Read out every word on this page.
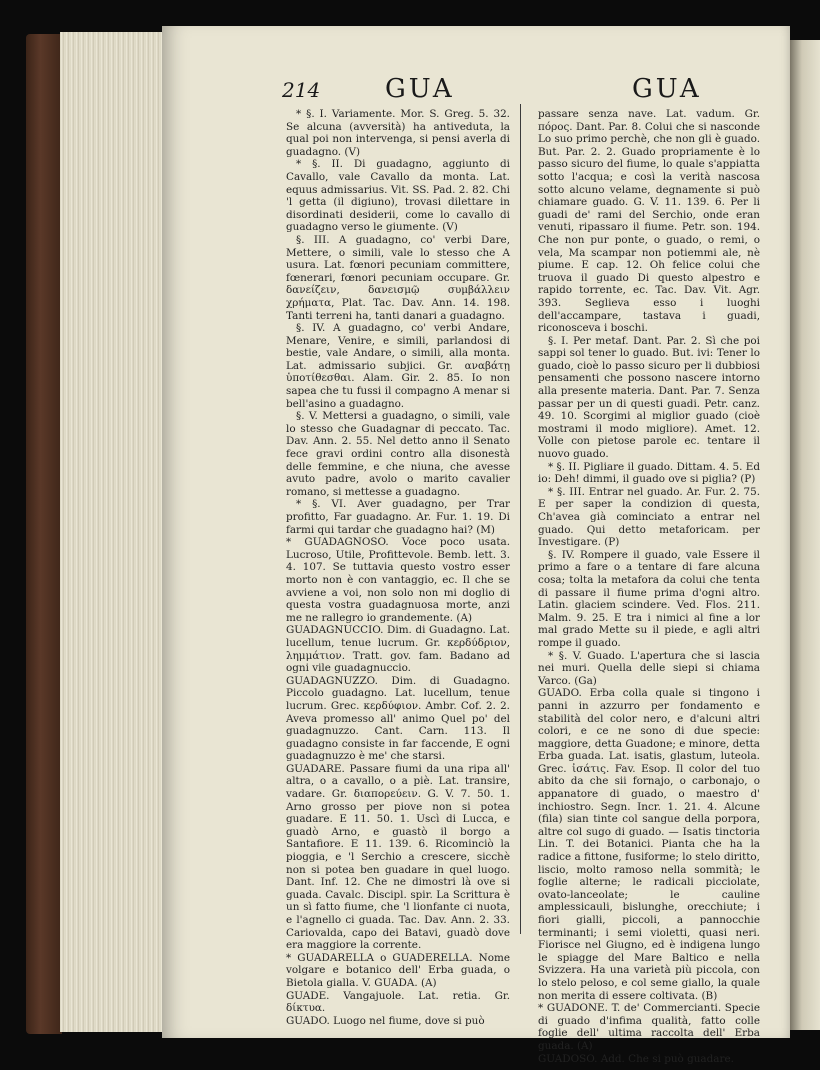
214 GUA	GUA

* §. I. Variamente. Mor. S. Greg. 5. 32. Se alcuna (avversità) ha antiveduta, la qual poi non intervenga, si pensi averla di guadagno. (V)

* §. II. Di guadagno, aggiunto di Cavallo, vale Cavallo da monta. Lat. equus admissarius. Vit. SS. Pad. 2. 82. Chi 'l getta (il digiuno), trovasi dilettare in disordinati desiderii, come lo cavallo di guadagno verso le giumente. (V)

§. III. A guadagno, co' verbi Dare, Mettere, o simili, vale lo stesso che A usura. Lat. fœnori pecuniam committere, fœnerari, fœnori pecuniam occupare. Gr. δανείζειν, δανεισμῷ συμβάλλειν χρήματα, Plat. Tac. Dav. Ann. 14. 198. Tanti terreni ha, tanti danari a guadagno.

§. IV. A guadagno, co' verbi Andare, Menare, Venire, e simili, parlandosi di bestie, vale Andare, o simili, alla monta. Lat. admissario subjici. Gr. αναβάτῃ ὑποτίθεσθαι. Alam. Gir. 2. 85. Io non sapea che tu fussi il compagno A menar si bell'asino a guadagno.

§. V. Mettersi a guadagno, o simili, vale lo stesso che Guadagnar di peccato. Tac. Dav. Ann. 2. 55. Nel detto anno il Senato fece gravi ordini contro alla disonestà delle femmine, e che niuna, che avesse avuto padre, avolo o marito cavalier romano, si mettesse a guadagno.

* §. VI. Aver guadagno, per Trar profitto, Far guadagno. Ar. Fur. 1. 19. Di farmi qui tardar che guadagno hai? (M)

* GUADAGNOSO. Voce poco usata. Lucroso, Utile, Profittevole. Bemb. lett. 3. 4. 107. Se tuttavia questo vostro esser morto non è con vantaggio, ec. Il che se avviene a voi, non solo non mi doglio di questa vostra guadagnuosa morte, anzi me ne rallegro io grandemente. (A)

GUADAGNUCCIO. Dim. di Guadagno. Lat. lucellum, tenue lucrum. Gr. κερδύδριον, λημμάτιον. Tratt. gov. fam. Badano ad ogni vile guadagnuccio.

GUADAGNUZZO. Dim. di Guadagno. Piccolo guadagno. Lat. lucellum, tenue lucrum. Grec. κερδύφιον. Ambr. Cof. 2. 2. Aveva promesso all' animo Quel po' del guadagnuzzo. Cant. Carn. 113. Il guadagno consiste in far faccende, E ogni guadagnuzzo è me' che starsi.

GUADARE. Passare fiumi da una ripa all' altra, o a cavallo, o a piè. Lat. transire, vadare. Gr. διαπορεύειν. G. V. 7. 50. 1. Arno grosso per piove non si potea guadare. E 11. 50. 1. Uscì di Lucca, e guadò Arno, e guastò il borgo a Santafiore. E 11. 139. 6. Ricominciò la pioggia, e 'l Serchio a crescere, sicchè non si potea ben guadare in quel luogo. Dant. Inf. 12. Che ne dimostri là ove si guada. Cavalc. Discipl. spir. La Scrittura è un sì fatto fiume, che 'l lionfante ci nuota, e l'agnello ci guada. Tac. Dav. Ann. 2. 33. Cariovalda, capo dei Batavi, guadò dove era maggiore la corrente.

* GUADARELLA o GUADERELLA. Nome volgare e botanico dell' Erba guada, o Bietola gialla. V. GUADA. (A)

GUADE. Vangajuole. Lat. retia. Gr. δίκτυα.

GUADO. Luogo nel fiume, dove si può

passare senza nave. Lat. vadum. Gr. πόρος. Dant. Par. 8. Colui che si nasconde Lo suo primo perchè, che non gli è guado. But. Par. 2. 2. Guado propriamente è lo passo sicuro del fiume, lo quale s'appiatta sotto l'acqua; e così la verità nascosa sotto alcuno velame, degnamente si può chiamare guado. G. V. 11. 139. 6. Per li guadi de' rami del Serchio, onde eran venuti, ripassaro il fiume. Petr. son. 194. Che non pur ponte, o guado, o remi, o vela, Ma scampar non potiemmi ale, nè piume. E cap. 12. Oh felice colui che truova il guado Di questo alpestro e rapido torrente, ec. Tac. Dav. Vit. Agr. 393. Seglieva esso i luoghi dell'accampare, tastava i guadi, riconosceva i boschi.

§. I. Per metaf. Dant. Par. 2. Sì che poi sappi sol tener lo guado. But. ivi: Tener lo guado, cioè lo passo sicuro per li dubbiosi pensamenti che possono nascere intorno alla presente materia. Dant. Par. 7. Senza passar per un di questi guadi. Petr. canz. 49. 10. Scorgimi al miglior guado (cioè mostrami il modo migliore). Amet. 12. Volle con pietose parole ec. tentare il nuovo guado.

* §. II. Pigliare il guado. Dittam. 4. 5. Ed io: Deh! dimmi, il guado ove si piglia? (P)

* §. III. Entrar nel guado. Ar. Fur. 2. 75. E per saper la condizion di questa, Ch'avea già cominciato a entrar nel guado. Qui detto metaforicam. per Investigare. (P)

§. IV. Rompere il guado, vale Essere il primo a fare o a tentare di fare alcuna cosa; tolta la metafora da colui che tenta di passare il fiume prima d'ogni altro. Latin. glaciem scindere. Ved. Flos. 211. Malm. 9. 25. E tra i nimici al fine a lor mal grado Mette su il piede, e agli altri rompe il guado.

* §. V. Guado. L'apertura che si lascia nei muri. Quella delle siepi si chiama Varco. (Ga)

GUADO. Erba colla quale si tingono i panni in azzurro per fondamento e stabilità del color nero, e d'alcuni altri colori, e ce ne sono di due specie: maggiore, detta Guadone; e minore, detta Erba guada. Lat. isatis, glastum, luteola. Grec. ἰσάτις. Fav. Esop. Il color del tuo abito da che sii fornajo, o carbonajo, o appanatore di guado, o maestro d' inchiostro. Segn. Incr. 1. 21. 4. Alcune (fila) sian tinte col sangue della porpora, altre col sugo di guado. — Isatis tinctoria Lin. T. dei Botanici. Pianta che ha la radice a fittone, fusiforme; lo stelo diritto, liscio, molto ramoso nella sommità; le foglie alterne; le radicali picciolate, ovato-lanceolate; le cauline amplessicauli, bislunghe, orecchiute; i fiori gialli, piccoli, a pannocchie terminanti; i semi violetti, quasi neri. Fiorisce nel Giugno, ed è indigena lungo le spiagge del Mare Baltico e nella Svizzera. Ha una varietà più piccola, con lo stelo peloso, e col seme giallo, la quale non merita di essere coltivata. (B)

* GUADONE. T. de' Commercianti. Specie di guado d'infima qualità, fatto colle foglie dell' ultima raccolta dell' Erba guada. (A)

GUADOSO. Add. Che si può guadare.
